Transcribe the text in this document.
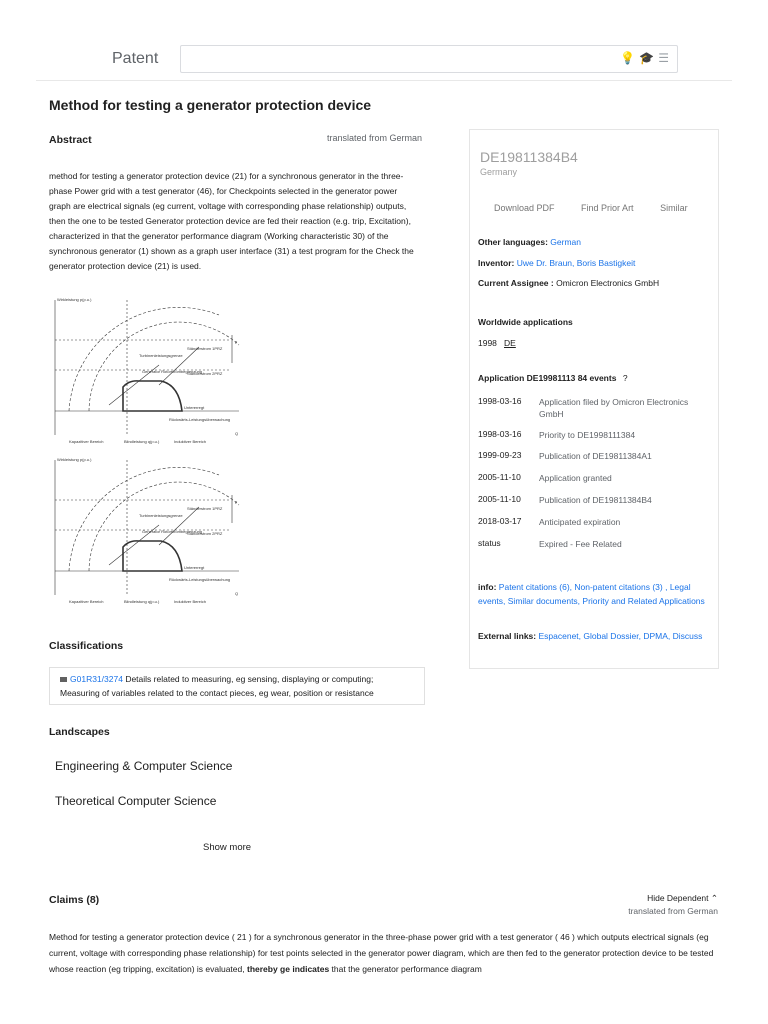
Patent	💡 🎓 ☰
Method for testing a generator protection device
Abstract	translated from German
method for testing a generator protection device (21) for a synchronous generator in the three-phase Power grid with a test generator (46), for Checkpoints selected in the generator power graph are electrical signals (eg current, voltage with corresponding phase relationship) outputs, then the one to be tested Generator protection device are fed their reaction (e.g. trip, Excitation), characterized in that the generator performance diagram (Working characteristic 30) of the synchronous generator (1) shown as a graph user interface (31) a test program for the Check the generator protection device (21) is used.
Wirkleistung p(p.u.)
Ständerstrom 1PRZ
Ständerstrom 2PRZ
Generator Rotorstrombegrenzung
Turbinenleistungsgrenze
Untererregt
Rückwärts-Leistungsüberwachung
Kapazitiver Bereich	Blindleistung q(p.u.)	Induktiver Bereich
p
Q
Wirkleistung p(p.u.)
Ständerstrom 1PRZ
Ständerstrom 2PRZ
Generator Rotorstrombegrenzung
Turbinenleistungsgrenze
Untererregt
Rückwärts-Leistungsüberwachung
Kapazitiver Bereich	Blindleistung q(p.u.)	Induktiver Bereich
p
Q
Classifications
G01R31/3274 Details related to measuring, eg sensing, displaying or computing; Measuring of variables related to the contact pieces, eg wear, position or resistance
Landscapes
Engineering & Computer Science
Theoretical Computer Science
Show more
Claims (8)	Hide Dependent ⌃
translated from German
Method for testing a generator protection device ( 21 ) for a synchronous generator in the three-phase power grid with a test generator ( 46 ) which outputs electrical signals (eg current, voltage with corresponding phase relationship) for test points selected in the generator power diagram, which are then fed to the generator protection device to be tested whose reaction (eg tripping, excitation) is evaluated, thereby ge indicates that the generator performance diagram
DE19811384B4
Germany
Download PDF	Find Prior Art	Similar
Other languages: German
Inventor: Uwe Dr. Braun, Boris Bastigkeit
Current Assignee : Omicron Electronics GmbH
Worldwide applications
1998 DE
Application DE19981113 84 events ?
1998-03-16 Application filed by Omicron Electronics GmbH
1998-03-16 Priority to DE1998111384
1999-09-23 Publication of DE19811384A1
2005-11-10 Application granted
2005-11-10 Publication of DE19811384B4
2018-03-17 Anticipated expiration
status	Expired - Fee Related
info: Patent citations (6), Non-patent citations (3) , Legal events, Similar documents, Priority and Related Applications
External links: Espacenet, Global Dossier, DPMA, Discuss
